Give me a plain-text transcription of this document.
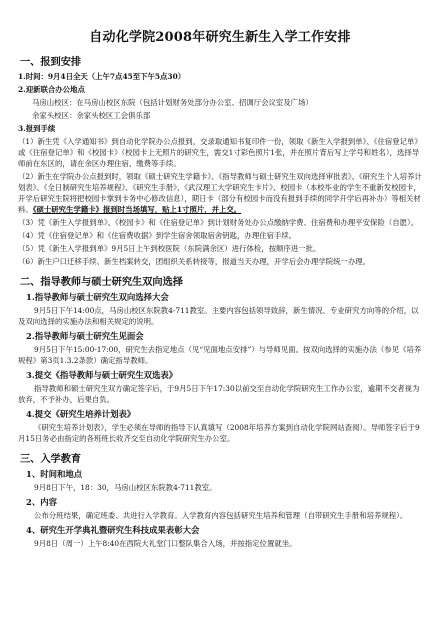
自动化学院2008年研究生新生入学工作安排
一、报到安排
1.时间：9月4日全天（上午7点45至下午5点30）
2.迎新联合办公地点
马房山校区：在马房山校区东院（包括计划财务处部分办公室、招调厅会议室及广场）
余家头校区：余家头校区工会俱乐部
3.报到手续
（1）新生凭《入学通知书》到自动化学院办公点报到，交录取通知书复印件一份，领取《新生入学报到单》、《住宿登记单》或《住宿登记单》和《校园卡》（校园卡上无照片的研究生，需交1寸彩色照片1张，并在照片背后写上学号和姓名），选择导师前在东区的，请在余区办理住宿、缴费等手续。
（2）新生在学院办公点报到时，领取《硕士研究生学籍卡》、《指导教师与硕士研究生双向选择审批表》、《研究生个人培养计划表》、《全日制研究生培养规程》、《研究生手册》、《武汉理工大学研究生卡片》、校园卡（本校毕业的学生不重新发校园卡，开学后研究生院将把校园卡掌到卡务中心修改信息），期日卡（部分有校园卡而没有报到手续的同学开学后再补办）等相关材料。《硕士研究生学籍卡》报到时当场填写，贴上1寸照片，并上交。
（3）凭《新生入学报到单》、《校园卡》和《住宿登记单》到计划财务处办公点缴纳学费、住宿费和办理平安保险（自愿）。
（4）凭《住宿登记单》和《住宿费收据》到学生宿舍领取宿舍钥匙，办理住宿手续。
（5）凭《新生入学报到单》9月5日上午到校医院（东院满余区）进行体检，按顺序进一批。
（6）新生户口迁移手续、新生档案转交，团组织关系转接等，报道当天办理，开学后会办理学院统一办理。
二、指导教师与硕士研究生双向选择
1.指导教师与硕士研究生双向选择大会
9月5日下午14:00点，马房山校区东院教4-711教室。主要内容包括领导致辞，新生情况、专业研究方向等的介绍，以及双向选择的实施办法和相关规定的说明。
2.指导教师与硕士研究生见面会
9月5日下午15:00-17:00，研究生去指定地点（见“见面地点安排”）与导师见面。按双向选择的实施办法（参见《培养规程》第3页1.3.2条款）确定指导教师。
3.提交《指导教师与硕士研究生双选表》
指导教师和硕士研究生双方确定签字后，于9月5日下午17:30以前交至自动化学院研究生工作办公室，逾期不交者视为放弃，不予补办，后果自负。
4.提交《研究生培养计划表》
《研究生培养计划表》，学生必须在导师的指导下认真填写（2008年培养方案到自动化学院网站查阅）。导师签字后于9月15日务必由指定的各班班长收齐交至自动化学院研究生办公室。
三、入学教育
1、时间和地点
9月8日下午，18：30，马房山校区东院教4-711教室。
2、内容
公布分班结果，确定班委、共进行入学教育。入学教育内容包括研究生培养和管理（自带研究生手册和培养规程）。
4、研究生开学典礼暨研究生科技成果表彰大会
9月8日（周一）上午8:40在西院大礼堂门口整队集合入场，并按指定位置就坐。
